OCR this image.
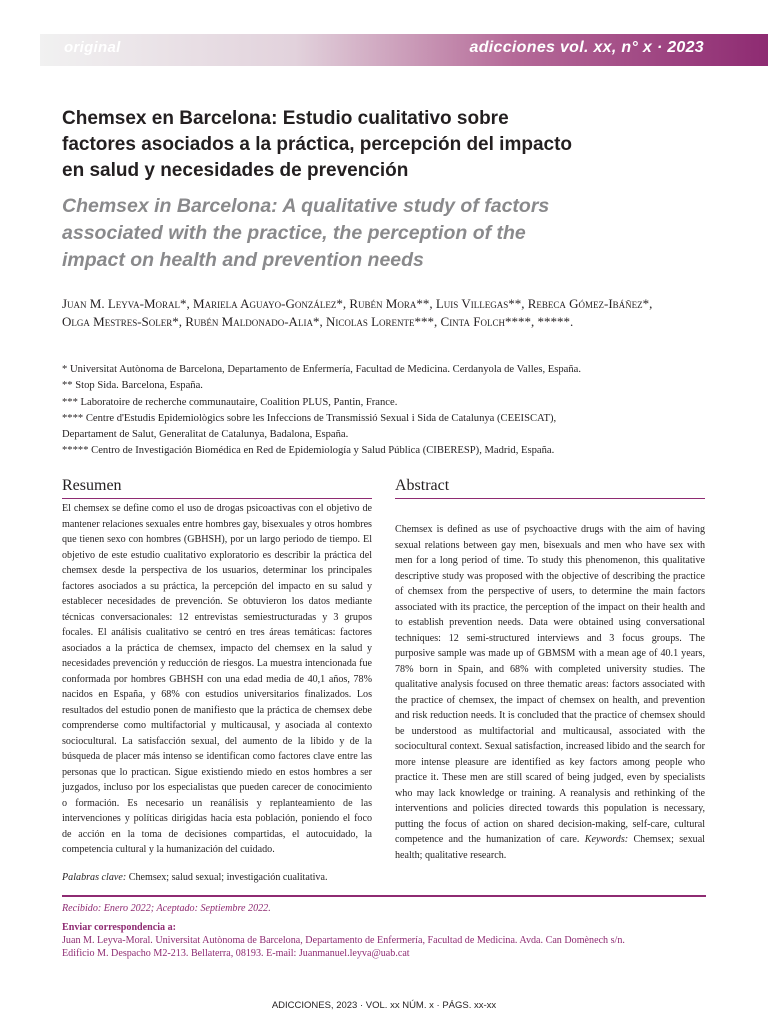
original	adicciones vol. xx, n° x · 2023
Chemsex en Barcelona: Estudio cualitativo sobre factores asociados a la práctica, percepción del impacto en salud y necesidades de prevención
Chemsex in Barcelona: A qualitative study of factors associated with the practice, the perception of the impact on health and prevention needs

Juan M. Leyva-Moral*, Mariela Aguayo-González*, Rubén Mora**, Luis Villegas**, Rebeca Gómez-Ibáñez*, Olga Mestres-Soler*, Rubén Maldonado-Alia*, Nicolas Lorente***, Cinta Folch****, *****.

* Universitat Autònoma de Barcelona, Departamento de Enfermería, Facultad de Medicina. Cerdanyola de Valles, España.
** Stop Sida. Barcelona, España.
*** Laboratoire de recherche communautaire, Coalition PLUS, Pantin, France.
**** Centre d'Estudis Epidemiològics sobre les Infeccions de Transmissió Sexual i Sida de Catalunya (CEEISCAT),
Departament de Salut, Generalitat de Catalunya, Badalona, España.
***** Centro de Investigación Biomédica en Red de Epidemiología y Salud Pública (CIBERESP), Madrid, España.
Resumen	Abstract

El chemsex se define como el uso de drogas psicoactivas con el objetivo de mantener relaciones sexuales entre hombres gay, bisexuales y otros hombres que tienen sexo con hombres (GBHSH), por un largo periodo de tiempo. El objetivo de este estudio cualitativo exploratorio es describir la práctica del chemsex desde la perspectiva de los usuarios, determinar los principales factores asociados a su práctica, la percepción del impacto en su salud y establecer necesidades de prevención. Se obtuvieron los datos mediante técnicas conversacionales: 12 entrevistas semiestructuradas y 3 grupos focales. El análisis cualitativo se centró en tres áreas temáticas: factores asociados a la práctica de chemsex, impacto del chemsex en la salud y necesidades prevención y reducción de riesgos. La muestra intencionada fue conformada por hombres GBHSH con una edad media de 40,1 años, 78% nacidos en España, y 68% con estudios universitarios finalizados. Los resultados del estudio ponen de manifiesto que la práctica de chemsex debe comprenderse como multifactorial y multicausal, y asociada al contexto sociocultural. La satisfacción sexual, del aumento de la libido y de la búsqueda de placer más intenso se identifican como factores clave entre las personas que lo practican. Sigue existiendo miedo en estos hombres a ser juzgados, incluso por los especialistas que pueden carecer de conocimiento o formación. Es necesario un reanálisis y replanteamiento de las intervenciones y políticas dirigidas hacia esta población, poniendo el foco de acción en la toma de decisiones compartidas, el autocuidado, la competencia cultural y la humanización del cuidado.

Palabras clave: Chemsex; salud sexual; investigación cualitativa.

Chemsex is defined as use of psychoactive drugs with the aim of having sexual relations between gay men, bisexuals and men who have sex with men for a long period of time. To study this phenomenon, this qualitative descriptive study was proposed with the objective of describing the practice of chemsex from the perspective of users, to determine the main factors associated with its practice, the perception of the impact on their health and to establish prevention needs. Data were obtained using conversational techniques: 12 semi-structured interviews and 3 focus groups. The purposive sample was made up of GBMSM with a mean age of 40.1 years, 78% born in Spain, and 68% with completed university studies. The qualitative analysis focused on three thematic areas: factors associated with the practice of chemsex, the impact of chemsex on health, and prevention and risk reduction needs. It is concluded that the practice of chemsex should be understood as multifactorial and multicausal, associated with the sociocultural context. Sexual satisfaction, increased libido and the search for more intense pleasure are identified as key factors among people who practice it. These men are still scared of being judged, even by specialists who may lack knowledge or training. A reanalysis and rethinking of the interventions and policies directed towards this population is necessary, putting the focus of action on shared decision-making, self-care, cultural competence and the humanization of care. Keywords: Chemsex; sexual health; qualitative research.

Recibido: Enero 2022; Aceptado: Septiembre 2022.
Enviar correspondencia a:
Juan M. Leyva-Moral. Universitat Autònoma de Barcelona, Departamento de Enfermería, Facultad de Medicina. Avda. Can Domènech s/n.
Edificio M. Despacho M2-213. Bellaterra, 08193. E-mail: Juanmanuel.leyva@uab.cat
ADICCIONES, 2023 · VOL. xx NÚM. x · PÁGS. xx-xx
